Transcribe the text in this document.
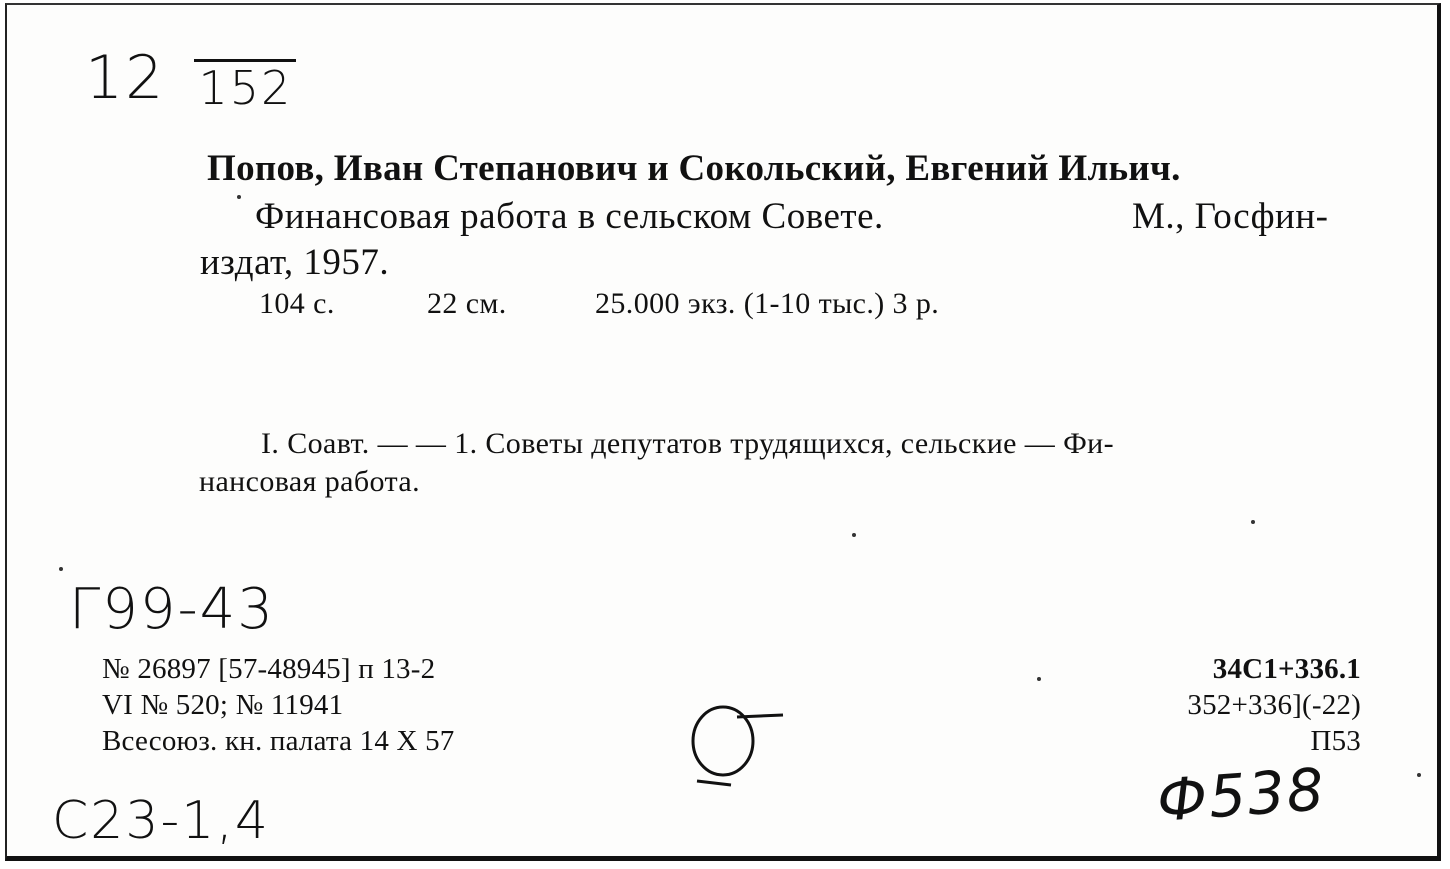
12 152
Попов, Иван Степанович и Сокольский, Евгений Ильич.
Финансовая работа в сельском Совете.	М., Госфин-
издат, 1957.
104 с.	22 см.	25.000 экз. (1-10 тыс.) 3 р.
I. Соавт. — — 1. Советы депутатов трудящихся, сельские — Фи-
нансовая работа.
Г99-43
№ 26897 [57-48945] п 13-2
VI № 520; № 11941
Всесоюз. кн. палата 14 X 57
34С1+336.1
352+336](-22)
П53
С23-1,4	Ф538
